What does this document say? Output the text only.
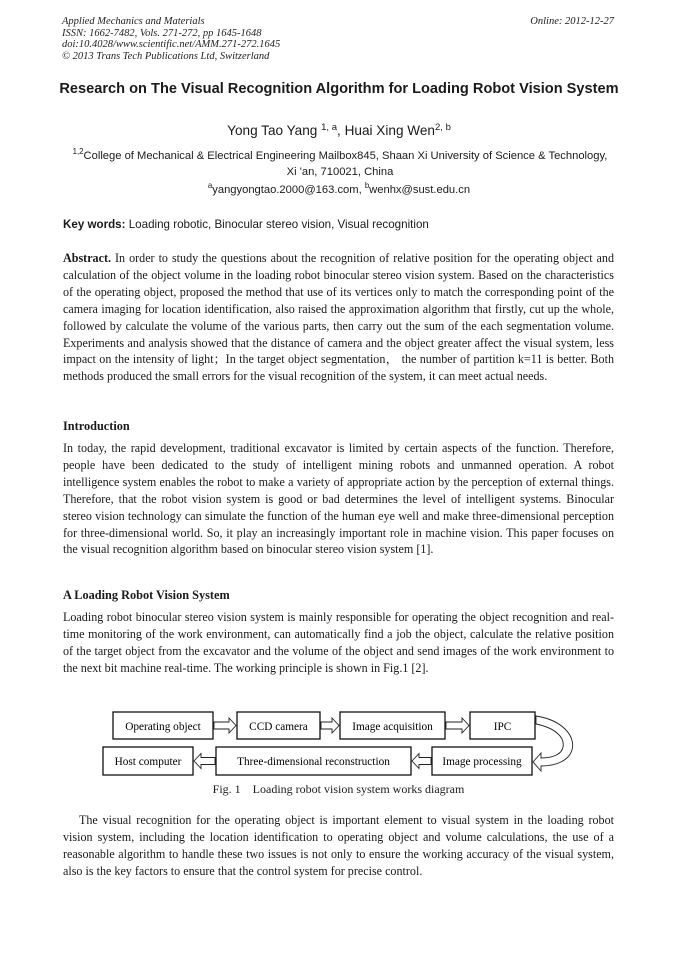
Applied Mechanics and Materials
ISSN: 1662-7482, Vols. 271-272, pp 1645-1648
doi:10.4028/www.scientific.net/AMM.271-272.1645
© 2013 Trans Tech Publications Ltd, Switzerland
Online: 2012-12-27
Research on The Visual Recognition Algorithm for Loading Robot Vision System
Yong Tao Yang $^{1, a}$, Huai Xing Wen$^{2, b}$
$^{1,2}$College of Mechanical & Electrical Engineering Mailbox845, Shaan Xi University of Science & Technology, Xi 'an, 710021, China
$^a$yangyongtao.2000@163.com, $^b$wenhx@sust.edu.cn
Key words: Loading robotic, Binocular stereo vision, Visual recognition
Abstract. In order to study the questions about the recognition of relative position for the operating object and calculation of the object volume in the loading robot binocular stereo vision system. Based on the characteristics of the operating object, proposed the method that use of its vertices only to match the corresponding point of the camera imaging for location identification, also raised the approximation algorithm that firstly, cut up the whole, followed by calculate the volume of the various parts, then carry out the sum of the each segmentation volume. Experiments and analysis showed that the distance of camera and the object greater affect the visual system, less impact on the intensity of light；In the target object segmentation， the number of partition k=11 is better. Both methods produced the small errors for the visual recognition of the system, it can meet actual needs.
Introduction
In today, the rapid development, traditional excavator is limited by certain aspects of the function. Therefore, people have been dedicated to the study of intelligent mining robots and unmanned operation. A robot intelligence system enables the robot to make a variety of appropriate action by the perception of external things. Therefore, that the robot vision system is good or bad determines the level of intelligent systems. Binocular stereo vision technology can simulate the function of the human eye well and make three-dimensional perception for three-dimensional world. So, it play an increasingly important role in machine vision. This paper focuses on the visual recognition algorithm based on binocular stereo vision system [1].
A Loading Robot Vision System
Loading robot binocular stereo vision system is mainly responsible for operating the object recognition and real-time monitoring of the work environment, can automatically find a job the object, calculate the relative position of the target object from the excavator and the volume of the object and send images of the work environment to the next bit machine real-time. The working principle is shown in Fig.1 [2].
Operating object	CCD camera	Image acquisition	IPC
Host computer	Three-dimensional reconstruction	Image processing
Fig. 1    Loading robot vision system works diagram
The visual recognition for the operating object is important element to visual system in the loading robot vision system, including the location identification to operating object and volume calculations, the use of a reasonable algorithm to handle these two issues is not only to ensure the working accuracy of the visual system, also is the key factors to ensure that the control system for precise control.
